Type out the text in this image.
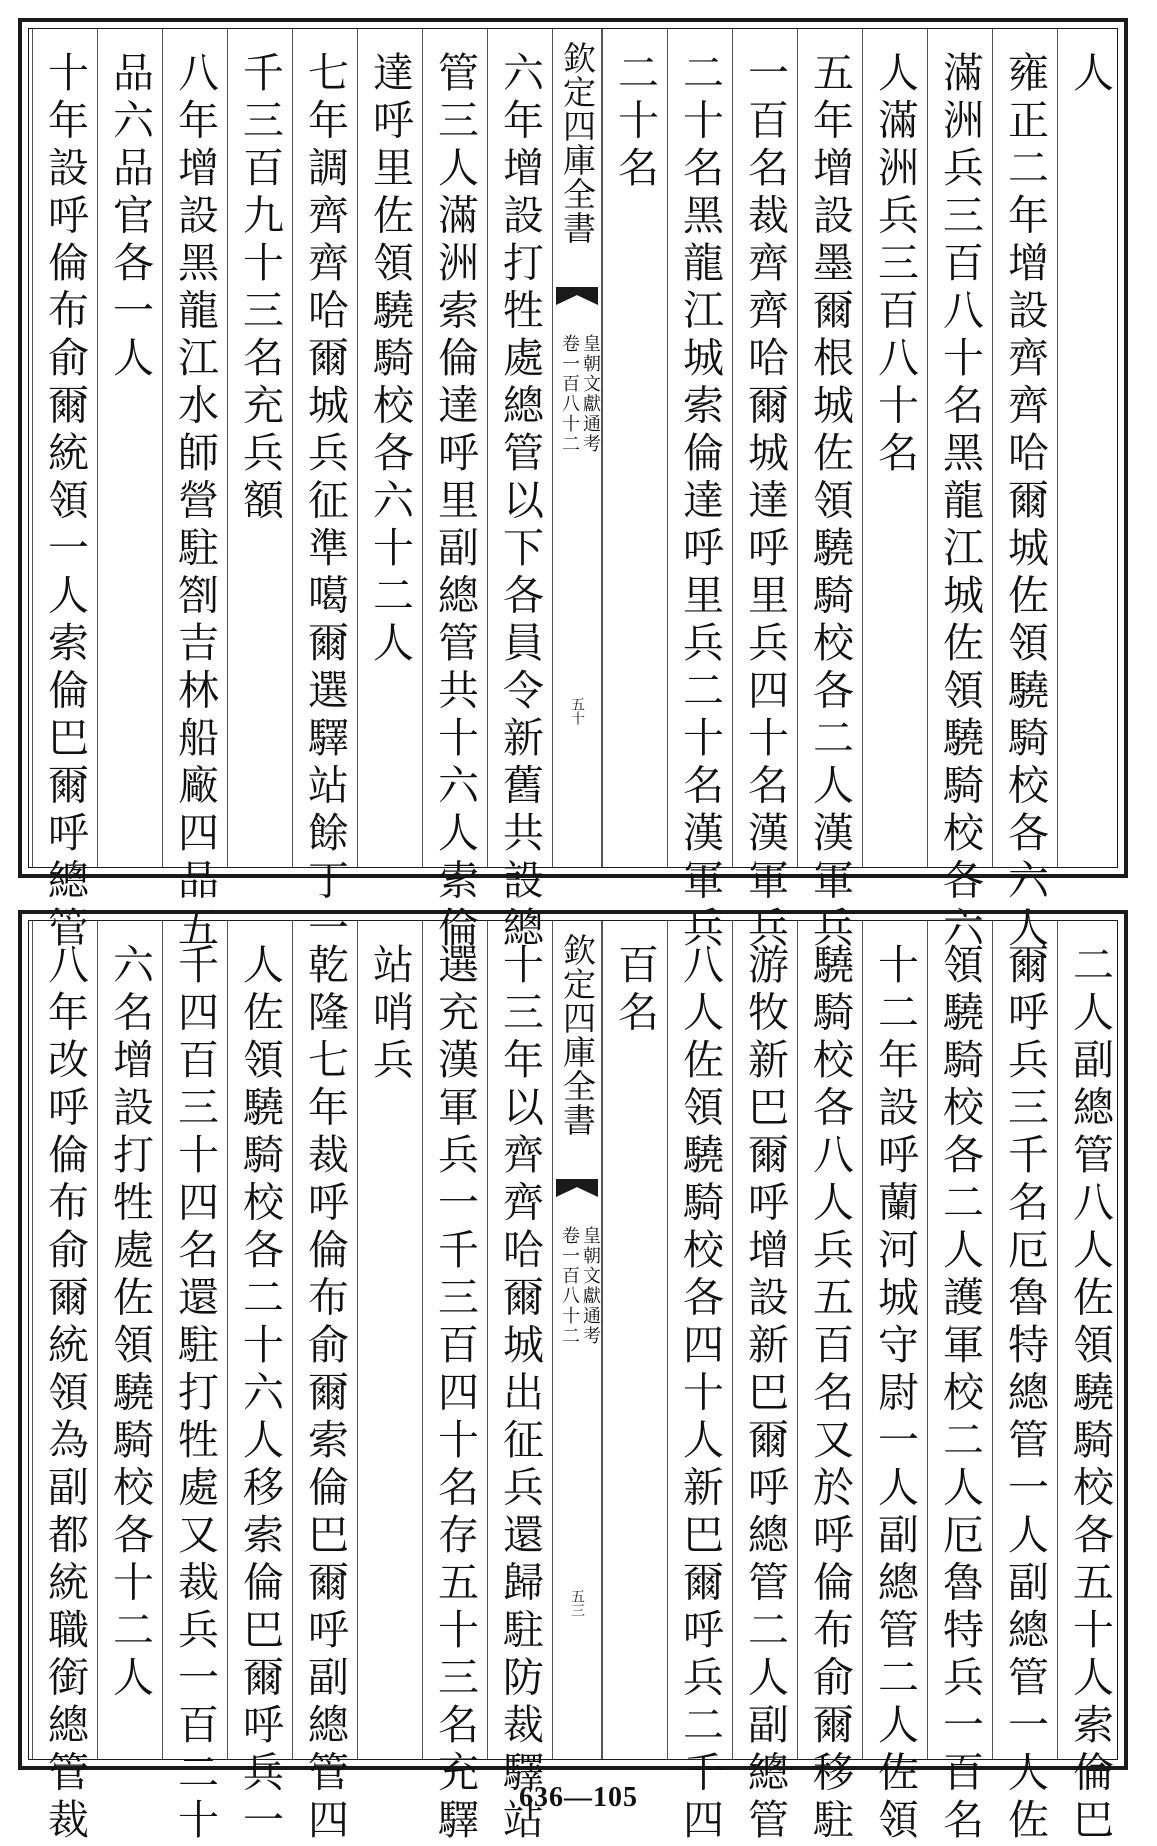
人
雍正二年增設齊齊哈爾城佐領驍騎校各六人
滿洲兵三百八十名黑龍江城佐領驍騎校各六
人滿洲兵三百八十名
五年增設墨爾根城佐領驍騎校各二人漢軍兵
一百名裁齊齊哈爾城達呼里兵四十名漢軍兵
二十名黑龍江城索倫達呼里兵二十名漢軍兵
二十名
欽定四庫全書
皇朝文獻通考
卷一百八十二
五十
六年增設打牲處總管以下各員令新舊共設總
管三人滿洲索倫達呼里副總管共十六人索倫
達呼里佐領驍騎校各六十二人
七年調齊齊哈爾城兵征準噶爾選驛站餘丁一
千三百九十三名充兵額
八年增設黑龍江水師營駐劄吉林船廠四品五
品六品官各一人
十年設呼倫布俞爾統領一人索倫巴爾呼總管
二人副總管八人佐領驍騎校各五十人索倫巴
爾呼兵三千名厄魯特總管一人副總管一人佐
領驍騎校各二人護軍校二人厄魯特兵一百名
十二年設呼蘭河城守尉一人副總管二人佐領
驍騎校各八人兵五百名又於呼倫布俞爾移駐
游牧新巴爾呼增設新巴爾呼總管二人副總管
八人佐領驍騎校各四十人新巴爾呼兵二千四
百名
欽定四庫全書
皇朝文獻通考
卷一百八十二
五三
十三年以齊齊哈爾城出征兵還歸駐防裁驛站
選充漢軍兵一千三百四十名存五十三名充驛
站哨兵
乾隆七年裁呼倫布俞爾索倫巴爾呼副總管四
人佐領驍騎校各二十六人移索倫巴爾呼兵一
千四百三十四名還駐打牲處又裁兵一百二十
六名增設打牲處佐領驍騎校各十二人
八年改呼倫布俞爾統領為副都統職銜總管裁	636—105
